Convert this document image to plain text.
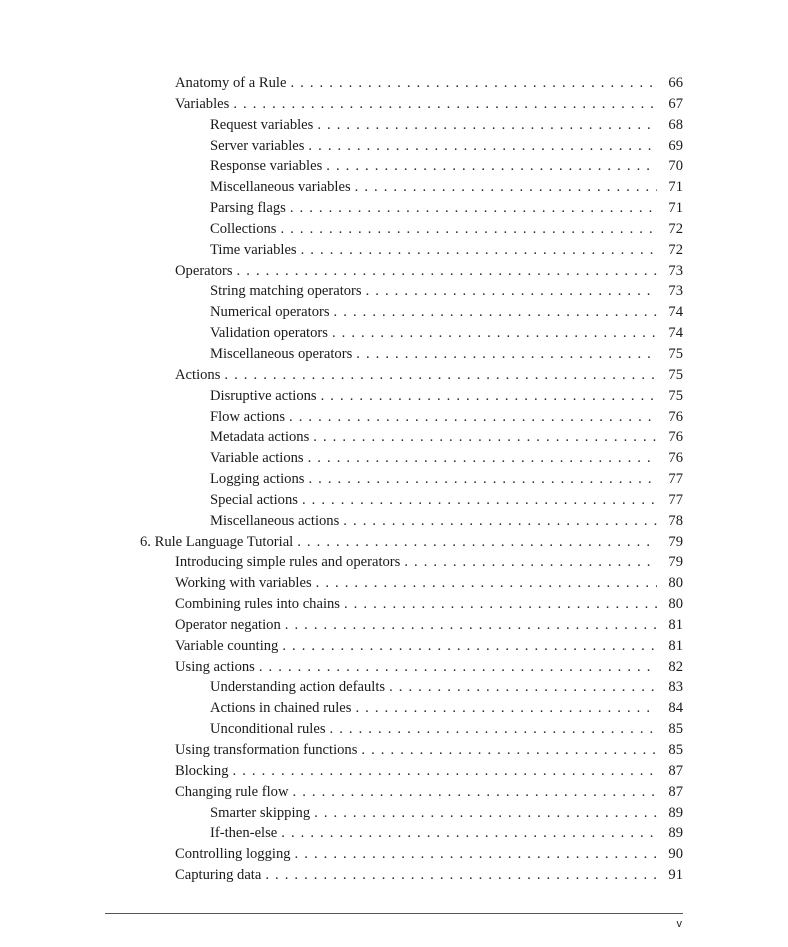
Anatomy of a Rule . . .	66
Variables . . .	67
Request variables . . .	68
Server variables . . .	69
Response variables . . .	70
Miscellaneous variables . . .	71
Parsing flags . . .	71
Collections . . .	72
Time variables . . .	72
Operators . . .	73
String matching operators . . .	73
Numerical operators . . .	74
Validation operators . . .	74
Miscellaneous operators . . .	75
Actions . . .	75
Disruptive actions . . .	75
Flow actions . . .	76
Metadata actions . . .	76
Variable actions . . .	76
Logging actions . . .	77
Special actions . . .	77
Miscellaneous actions . . .	78
6. Rule Language Tutorial . . .	79
Introducing simple rules and operators . . .	79
Working with variables . . .	80
Combining rules into chains . . .	80
Operator negation . . .	81
Variable counting . . .	81
Using actions . . .	82
Understanding action defaults . . .	83
Actions in chained rules . . .	84
Unconditional rules . . .	85
Using transformation functions . . .	85
Blocking . . .	87
Changing rule flow . . .	87
Smarter skipping . . .	89
If-then-else . . .	89
Controlling logging . . .	90
Capturing data . . .	91
v
